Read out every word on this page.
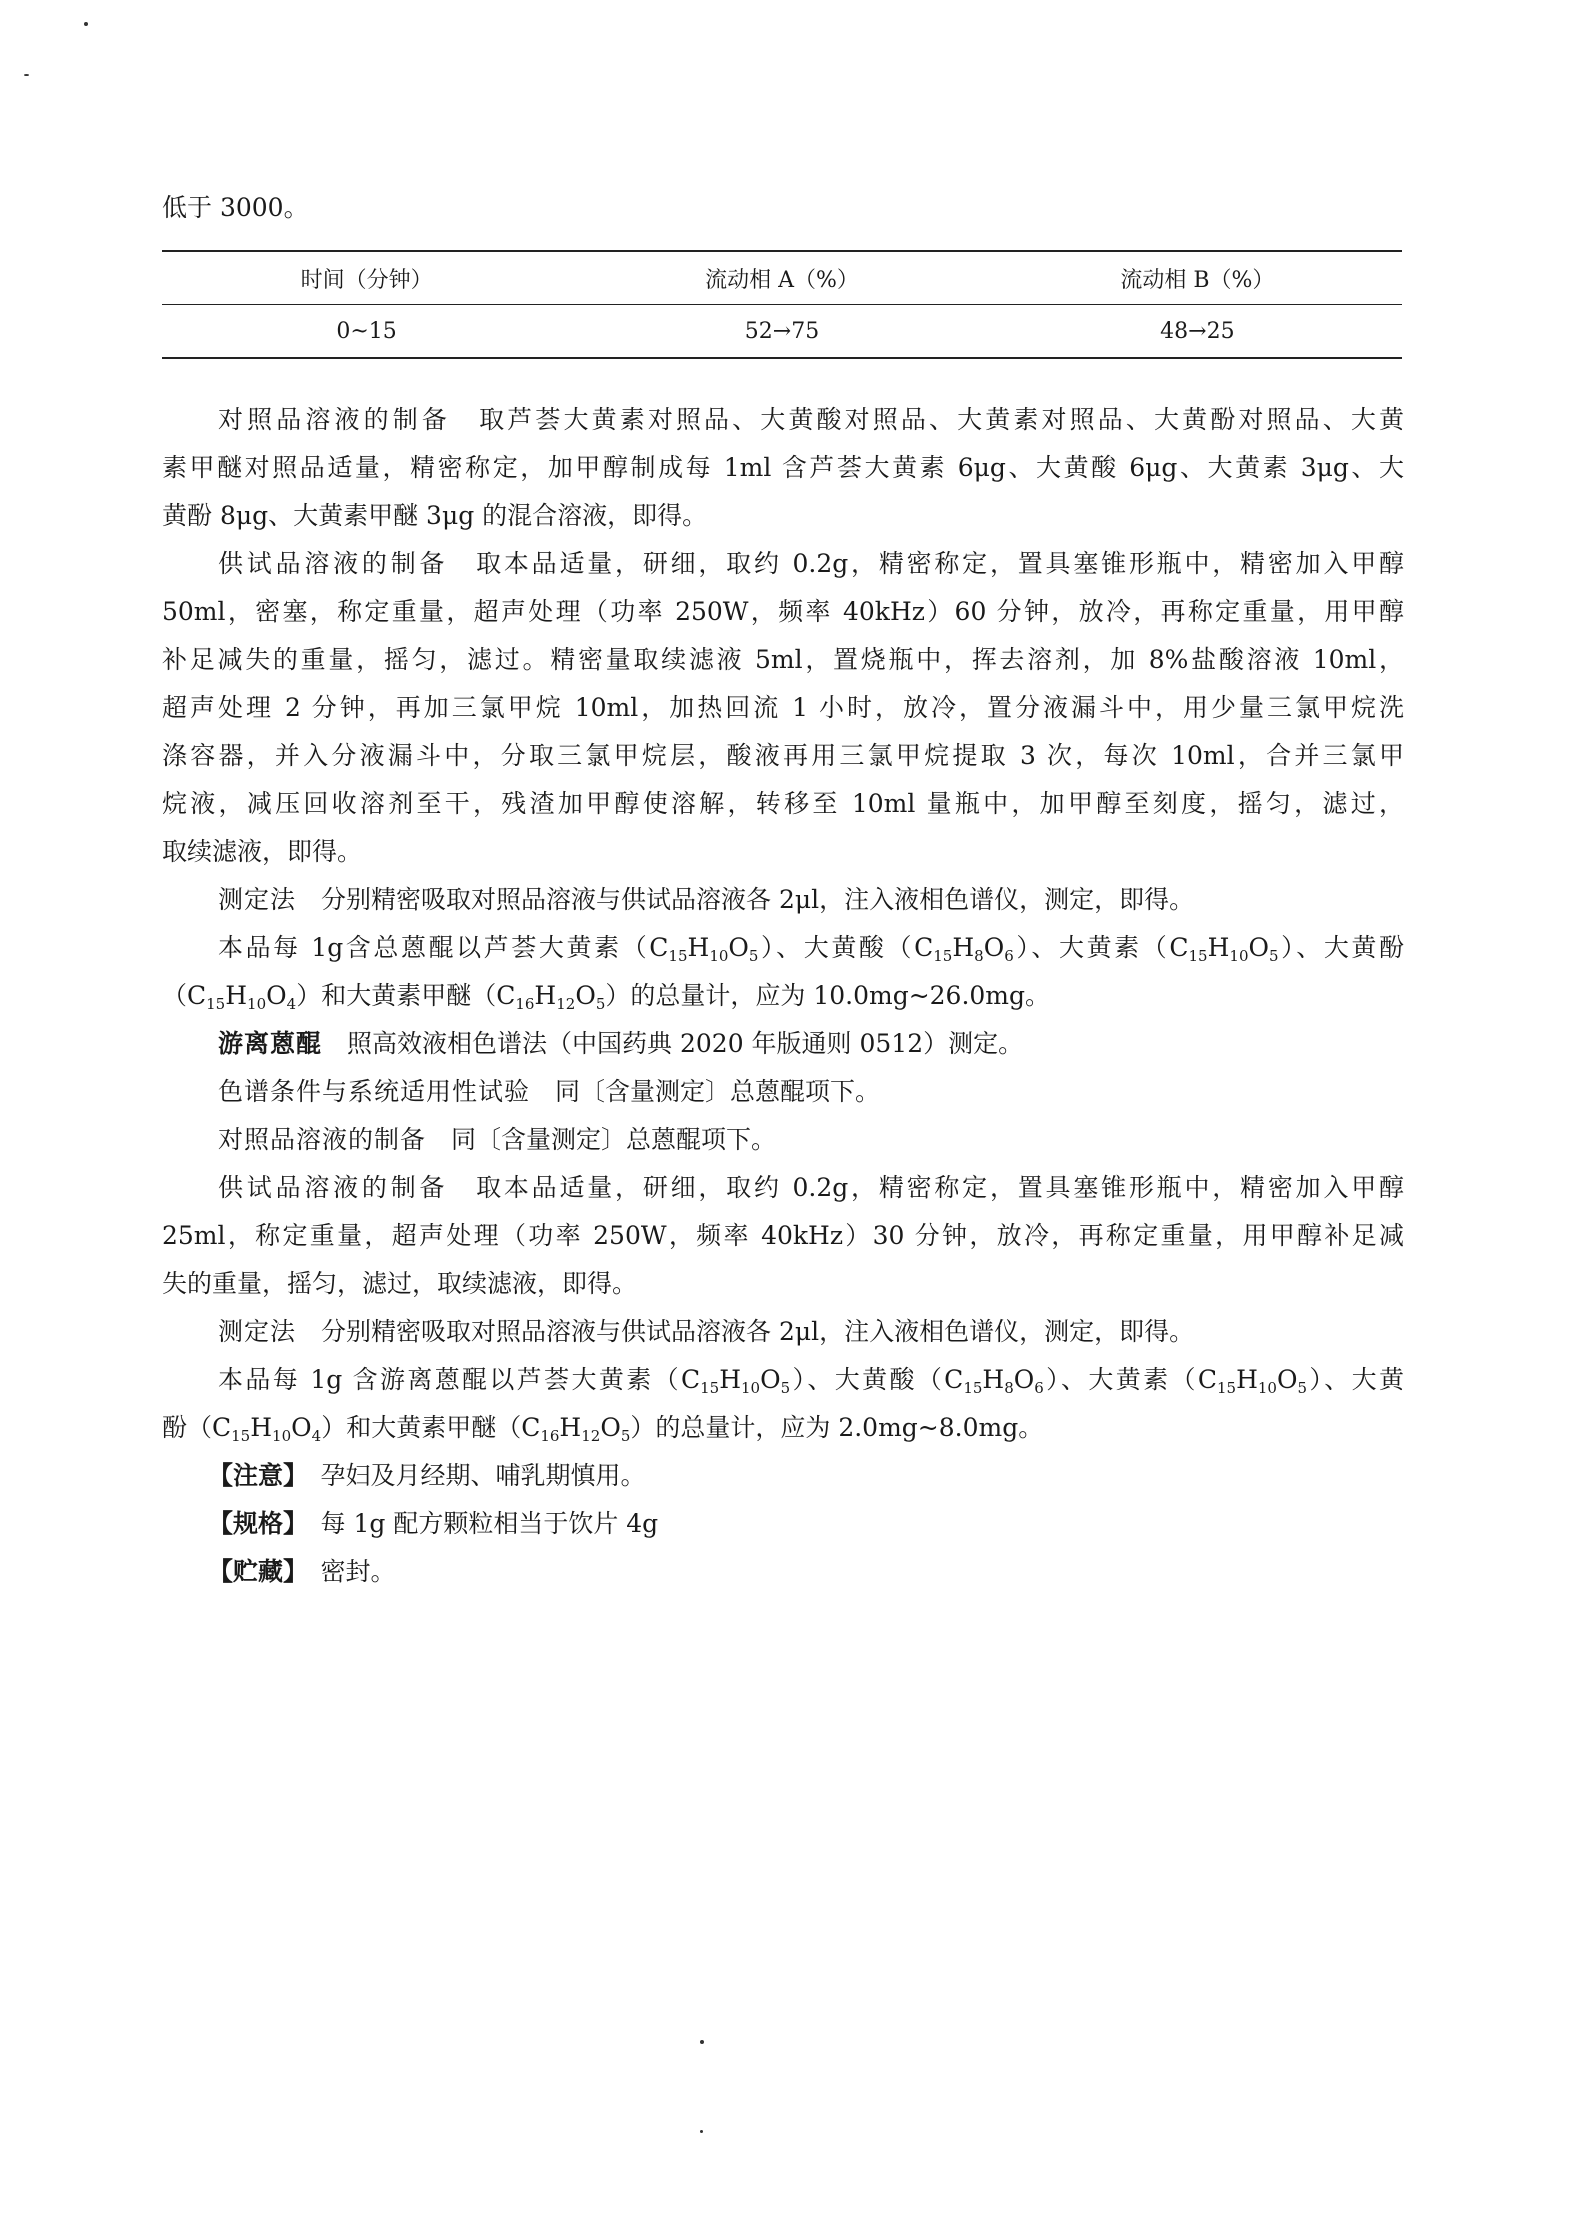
低于 3000。
时间（分钟）	流动相 A（%）	流动相 B（%）
0~15	52→75	48→25
对照品溶液的制备　 取芦荟大黄素对照品、大黄酸对照品、大黄素对照品、大黄酚对照品、大黄
素甲醚对照品适量，精密称定，加甲醇制成每 1ml 含芦荟大黄素 6μg、大黄酸 6μg、大黄素 3μg、大
黄酚 8μg、大黄素甲醚 3μg 的混合溶液，即得。
供试品溶液的制备　 取本品适量，研细，取约 0.2g，精密称定，置具塞锥形瓶中，精密加入甲醇
50ml，密塞，称定重量，超声处理（功率 250W，频率 40kHz）60 分钟，放冷，再称定重量，用甲醇
补足减失的重量，摇匀，滤过。精密量取续滤液 5ml，置烧瓶中，挥去溶剂，加 8%盐酸溶液 10ml，
超声处理 2 分钟，再加三氯甲烷 10ml，加热回流 1 小时，放冷，置分液漏斗中，用少量三氯甲烷洗
涤容器，并入分液漏斗中，分取三氯甲烷层，酸液再用三氯甲烷提取 3 次，每次 10ml，合并三氯甲
烷液，减压回收溶剂至干，残渣加甲醇使溶解，转移至 10ml 量瓶中，加甲醇至刻度，摇匀，滤过，
取续滤液，即得。
测定法　 分别精密吸取对照品溶液与供试品溶液各 2μl，注入液相色谱仪，测定，即得。
本品每 1g含总蒽醌以芦荟大黄素$(C_{15}H_{10}O_5)$、大黄酸$(C_{15}H_8O_6)$、大黄素$(C_{15}H_{10}O_5)$、大黄酚
$(C_{15}H_{10}O_4)$和大黄素甲醚$(C_{16}H_{12}O_5)$的总量计，应为 10.0mg~26.0mg。
游离蒽醌　 照高效液相色谱法（中国药典 2020 年版通则 0512）测定。
色谱条件与系统适用性试验　 同〔含量测定〕总蒽醌项下。
对照品溶液的制备　 同〔含量测定〕总蒽醌项下。
供试品溶液的制备　 取本品适量，研细，取约 0.2g，精密称定，置具塞锥形瓶中，精密加入甲醇
25ml，称定重量，超声处理（功率 250W，频率 40kHz）30 分钟，放冷，再称定重量，用甲醇补足减
失的重量，摇匀，滤过，取续滤液，即得。
测定法　 分别精密吸取对照品溶液与供试品溶液各 2μl，注入液相色谱仪，测定，即得。
本品每 1g 含游离蒽醌以芦荟大黄素$(C_{15}H_{10}O_5)$、大黄酸$(C_{15}H_8O_6)$、大黄素$(C_{15}H_{10}O_5)$、大黄
酚$(C_{15}H_{10}O_4)$和大黄素甲醚$(C_{16}H_{12}O_5)$的总量计，应为 2.0mg~8.0mg。
【注意】　 孕妇及月经期、哺乳期慎用。
【规格】　 每 1g 配方颗粒相当于饮片 4g
【贮藏】　 密封。
